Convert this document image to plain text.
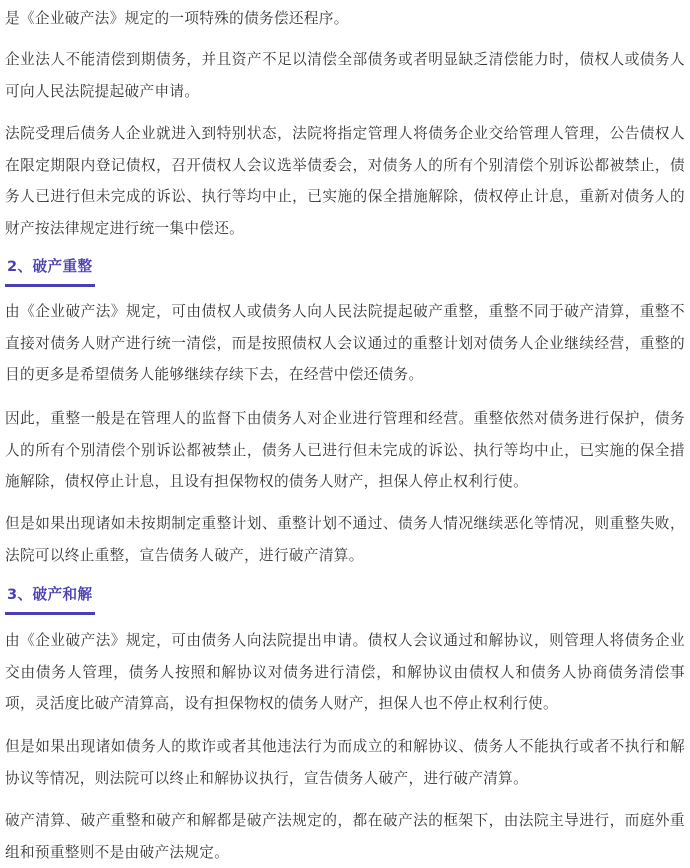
是《企业破产法》规定的一项特殊的债务偿还程序。

企业法人不能清偿到期债务，并且资产不足以清偿全部债务或者明显缺乏清偿能力时，债权人或债务人可向人民法院提起破产申请。

法院受理后债务人企业就进入到特别状态，法院将指定管理人将债务企业交给管理人管理，公告债权人在限定期限内登记债权，召开债权人会议选举债委会，对债务人的所有个别清偿个别诉讼都被禁止，债务人已进行但未完成的诉讼、执行等均中止，已实施的保全措施解除，债权停止计息，重新对债务人的财产按法律规定进行统一集中偿还。

2、破产重整

由《企业破产法》规定，可由债权人或债务人向人民法院提起破产重整，重整不同于破产清算，重整不直接对债务人财产进行统一清偿，而是按照债权人会议通过的重整计划对债务人企业继续经营，重整的目的更多是希望债务人能够继续存续下去，在经营中偿还债务。

因此，重整一般是在管理人的监督下由债务人对企业进行管理和经营。重整依然对债务进行保护，债务人的所有个别清偿个别诉讼都被禁止，债务人已进行但未完成的诉讼、执行等均中止，已实施的保全措施解除，债权停止计息，且设有担保物权的债务人财产，担保人停止权利行使。

但是如果出现诸如未按期制定重整计划、重整计划不通过、债务人情况继续恶化等情况，则重整失败，法院可以终止重整，宣告债务人破产，进行破产清算。

3、破产和解

由《企业破产法》规定，可由债务人向法院提出申请。债权人会议通过和解协议，则管理人将债务企业交由债务人管理，债务人按照和解协议对债务进行清偿，和解协议由债权人和债务人协商债务清偿事项，灵活度比破产清算高，设有担保物权的债务人财产，担保人也不停止权利行使。

但是如果出现诸如债务人的欺诈或者其他违法行为而成立的和解协议、债务人不能执行或者不执行和解协议等情况，则法院可以终止和解协议执行，宣告债务人破产，进行破产清算。

破产清算、破产重整和破产和解都是破产法规定的，都在破产法的框架下，由法院主导进行，而庭外重组和预重整则不是由破产法规定。
